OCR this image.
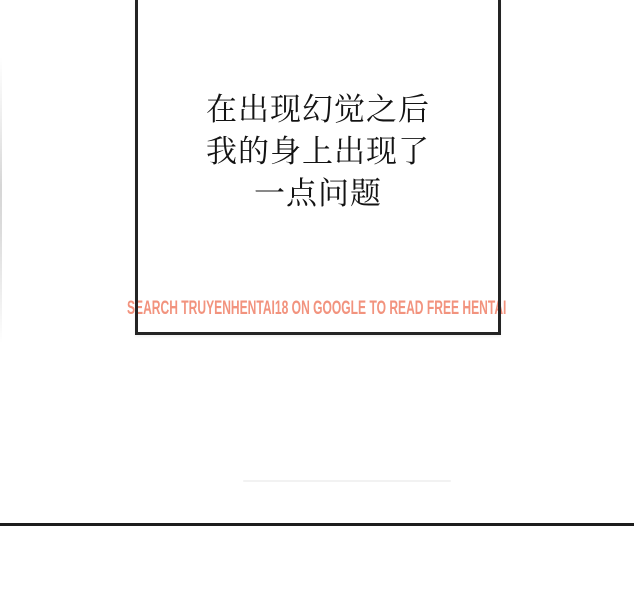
SEARCH TRUYENHENTAI18 ON GOOGLE TO READ FREE HENTAI
在出现幻觉之后
我的身上出现了
一点问题
